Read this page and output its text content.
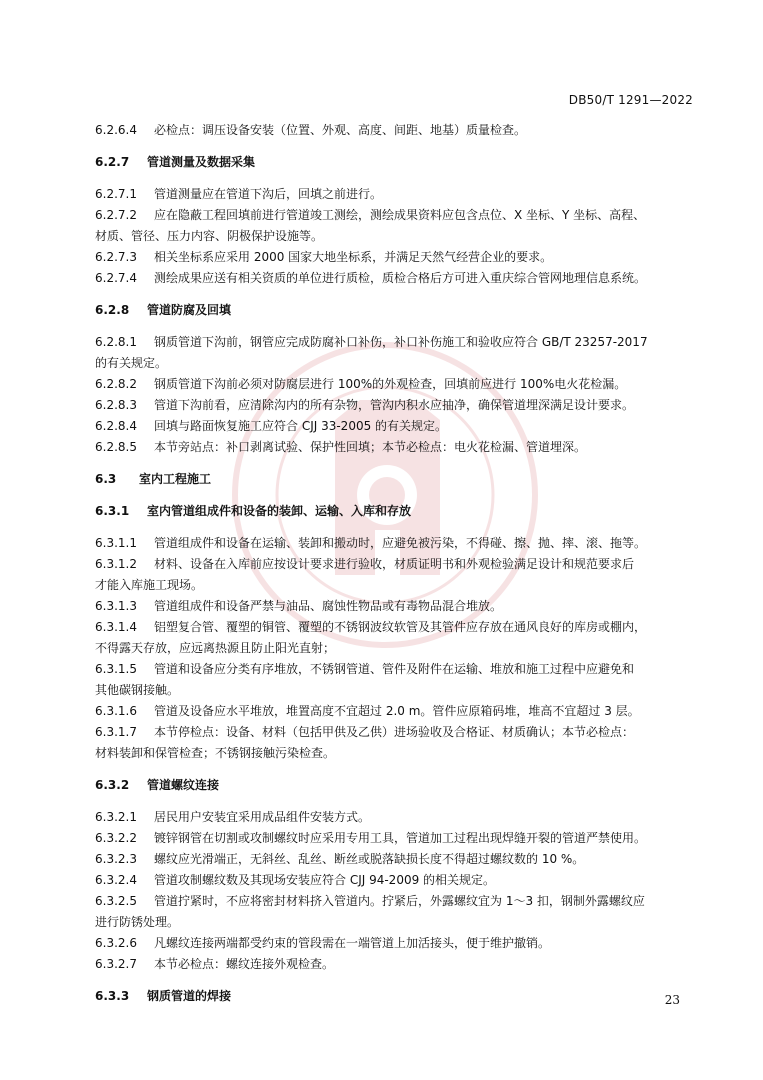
DB50/T 1291—2022
6.2.6.4	必检点：调压设备安装（位置、外观、高度、间距、地基）质量检查。
6.2.7	管道测量及数据采集
6.2.7.1	管道测量应在管道下沟后，回填之前进行。
6.2.7.2	应在隐蔽工程回填前进行管道竣工测绘，测绘成果资料应包含点位、X 坐标、Y 坐标、高程、
材质、管径、压力内容、阴极保护设施等。
6.2.7.3	相关坐标系应采用 2000 国家大地坐标系，并满足天然气经营企业的要求。
6.2.7.4	测绘成果应送有相关资质的单位进行质检，质检合格后方可进入重庆综合管网地理信息系统。
6.2.8	管道防腐及回填
6.2.8.1	钢质管道下沟前，钢管应完成防腐补口补伤，补口补伤施工和验收应符合 GB/T 23257-2017
的有关规定。
6.2.8.2	钢质管道下沟前必须对防腐层进行 100%的外观检查，回填前应进行 100%电火花检漏。
6.2.8.3	管道下沟前看，应清除沟内的所有杂物，管沟内积水应抽净，确保管道埋深满足设计要求。
6.2.8.4	回填与路面恢复施工应符合 CJJ 33-2005 的有关规定。
6.2.8.5	本节旁站点：补口剥离试验、保护性回填；本节必检点：电火花检漏、管道埋深。
6.3	室内工程施工
6.3.1	室内管道组成件和设备的装卸、运输、入库和存放
6.3.1.1	管道组成件和设备在运输、装卸和搬动时，应避免被污染，不得碰、擦、抛、摔、滚、拖等。
6.3.1.2	材料、设备在入库前应按设计要求进行验收，材质证明书和外观检验满足设计和规范要求后
才能入库施工现场。
6.3.1.3	管道组成件和设备严禁与油品、腐蚀性物品或有毒物品混合堆放。
6.3.1.4	铝塑复合管、覆塑的铜管、覆塑的不锈钢波纹软管及其管件应存放在通风良好的库房或棚内，
不得露天存放，应远离热源且防止阳光直射；
6.3.1.5	管道和设备应分类有序堆放，不锈钢管道、管件及附件在运输、堆放和施工过程中应避免和
其他碳钢接触。
6.3.1.6	管道及设备应水平堆放，堆置高度不宜超过 2.0 m。管件应原箱码堆，堆高不宜超过 3 层。
6.3.1.7	本节停检点：设备、材料（包括甲供及乙供）进场验收及合格证、材质确认；本节必检点：
材料装卸和保管检查；不锈钢接触污染检查。
6.3.2	管道螺纹连接
6.3.2.1	居民用户安装宜采用成品组件安装方式。
6.3.2.2	镀锌钢管在切割或攻制螺纹时应采用专用工具，管道加工过程出现焊缝开裂的管道严禁使用。
6.3.2.3	螺纹应光滑端正，无斜丝、乱丝、断丝或脱落缺损长度不得超过螺纹数的 10 %。
6.3.2.4	管道攻制螺纹数及其现场安装应符合 CJJ 94-2009 的相关规定。
6.3.2.5	管道拧紧时，不应将密封材料挤入管道内。拧紧后，外露螺纹宜为 1～3 扣，钢制外露螺纹应
进行防锈处理。
6.3.2.6	凡螺纹连接两端都受约束的管段需在一端管道上加活接头，便于维护撤销。
6.3.2.7	本节必检点：螺纹连接外观检查。
6.3.3	钢质管道的焊接	23
